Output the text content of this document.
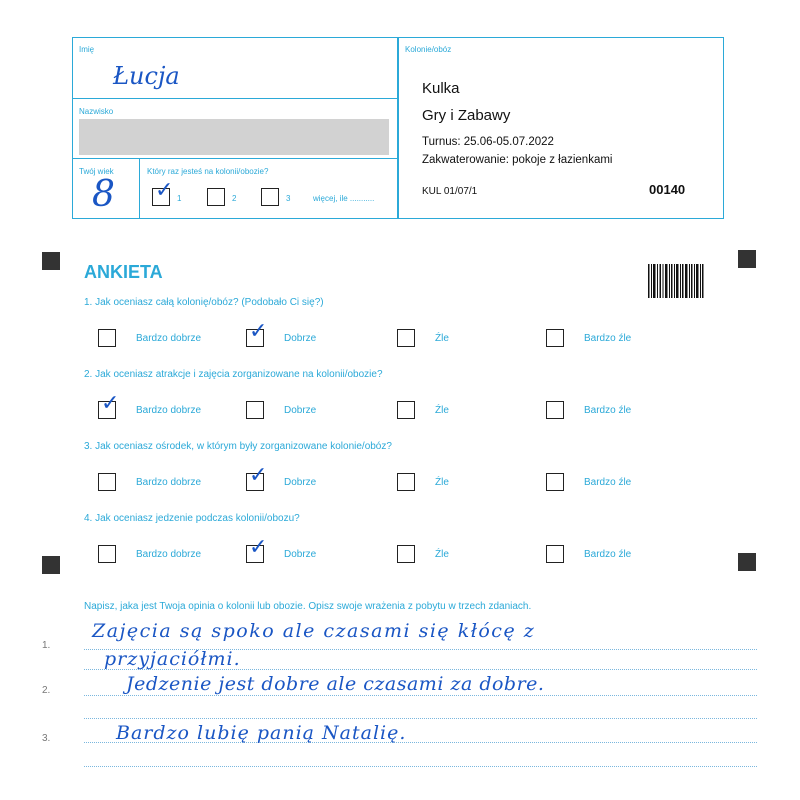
Imię
Łucja
Nazwisko
Twój wiek
8
Który raz jesteś na kolonii/obozie?
✓ 1	2	3	więcej, ile ...........
Kolonie/obóz
Kulka
Gry i Zabawy
Turnus: 25.06-05.07.2022
Zakwaterowanie: pokoje z łazienkami
KUL 01/07/1	00140
ANKIETA
1. Jak oceniasz całą kolonię/obóz? (Podobało Ci się?)
Bardzo dobrze ✓ Dobrze	Źle	Bardzo źle
2. Jak oceniasz atrakcje i zajęcia zorganizowane na kolonii/obozie?
✓ Bardzo dobrze	Dobrze	Źle	Bardzo źle
3. Jak oceniasz ośrodek, w którym były zorganizowane kolonie/obóz?
Bardzo dobrze ✓ Dobrze	Źle	Bardzo źle
4. Jak oceniasz jedzenie podczas kolonii/obozu?
Bardzo dobrze ✓ Dobrze	Źle	Bardzo źle
Napisz, jaka jest Twoja opinia o kolonii lub obozie. Opisz swoje wrażenia z pobytu w trzech zdaniach.
1.
2.
3.
Zajęcia są spoko ale czasami się kłócę z
przyjaciółmi.
Jedzenie jest dobre ale czasami za dobre.
Bardzo lubię panią Natalię.
